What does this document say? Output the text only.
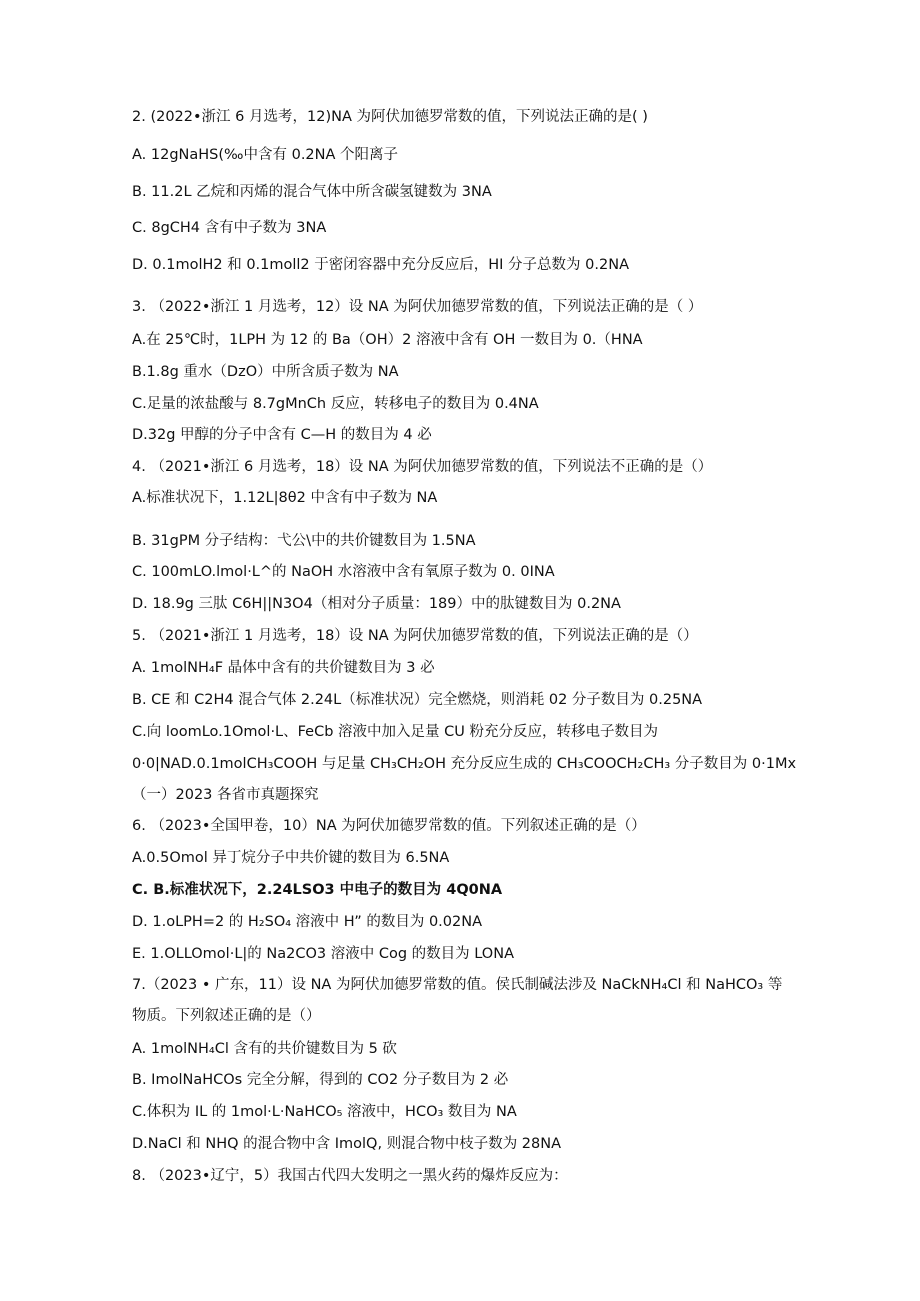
2. (2022•浙江 6 月选考，12)NA 为阿伏加德罗常数的值，下列说法正确的是( )
A. 12gNaHS(‰中含有 0.2NA 个阳离子
B. 11.2L 乙烷和丙烯的混合气体中所含碳氢键数为 3NA
C. 8gCH4 含有中子数为 3NA
D. 0.1molH2 和 0.1moll2 于密闭容器中充分反应后，HI 分子总数为 0.2NA
3. （2022•浙江 1 月选考，12）设 NA 为阿伏加德罗常数的值，下列说法正确的是（ ）
A.在 25℃时，1LPH 为 12 的 Ba（OH）2 溶液中含有 OH 一数目为 0.（HNA
B.1.8g 重水（DzO）中所含质子数为 NA
C.足量的浓盐酸与 8.7gMnCh 反应，转移电子的数目为 0.4NA
D.32g 甲醇的分子中含有 C—H 的数目为 4 必
4. （2021•浙江 6 月选考，18）设 NA 为阿伏加德罗常数的值，下列说法不正确的是（）
A.标准状况下，1.12L|8θ2 中含有中子数为 NA
B. 31gPM 分子结构：弋公\中的共价键数目为 1.5NA
C. 100mLO.lmol·L^的 NaOH 水溶液中含有氧原子数为 0. 0INA
D. 18.9g 三肽 C6H||N3O4（相对分子质量：189）中的肽键数目为 0.2NA
5. （2021•浙江 1 月选考，18）设 NA 为阿伏加德罗常数的值，下列说法正确的是（）
A. 1molNH₄F 晶体中含有的共价键数目为 3 必
B. CE 和 C2H4 混合气体 2.24L（标准状况）完全燃烧，则消耗 02 分子数目为 0.25NA
C.向 loomLo.1Omol·L、FeCb 溶液中加入足量 CU 粉充分反应，转移电子数目为
0·0|NAD.0.1molCH₃COOH 与足量 CH₃CH₂OH 充分反应生成的 CH₃COOCH₂CH₃ 分子数目为 0·1Mx
（一）2023 各省市真题探究
6. （2023•全国甲卷，10）NA 为阿伏加德罗常数的值。下列叙述正确的是（）
A.0.5Omol 异丁烷分子中共价键的数目为 6.5NA
C. B.标准状况下，2.24LSO3 中电子的数目为 4Q0NA
D. 1.oLPH=2 的 H₂SO₄ 溶液中 H” 的数目为 0.02NA
E. 1.OLLOmol·L|的 Na2CO3 溶液中 Cog 的数目为 LONA
7.（2023 • 广东，11）设 NA 为阿伏加德罗常数的值。侯氏制碱法涉及 NaCkNH₄Cl 和 NaHCO₃ 等
物质。下列叙述正确的是（）
A. 1molNH₄Cl 含有的共价键数目为 5 砍
B. ImolNaHCOs 完全分解，得到的 CO2 分子数目为 2 必
C.体积为 IL 的 1mol·L·NaHCO₅ 溶液中，HCO₃ 数目为 NA
D.NaCl 和 NHQ 的混合物中含 ImolQ, 则混合物中枝子数为 28NA
8. （2023•辽宁，5）我国古代四大发明之一黑火药的爆炸反应为：
